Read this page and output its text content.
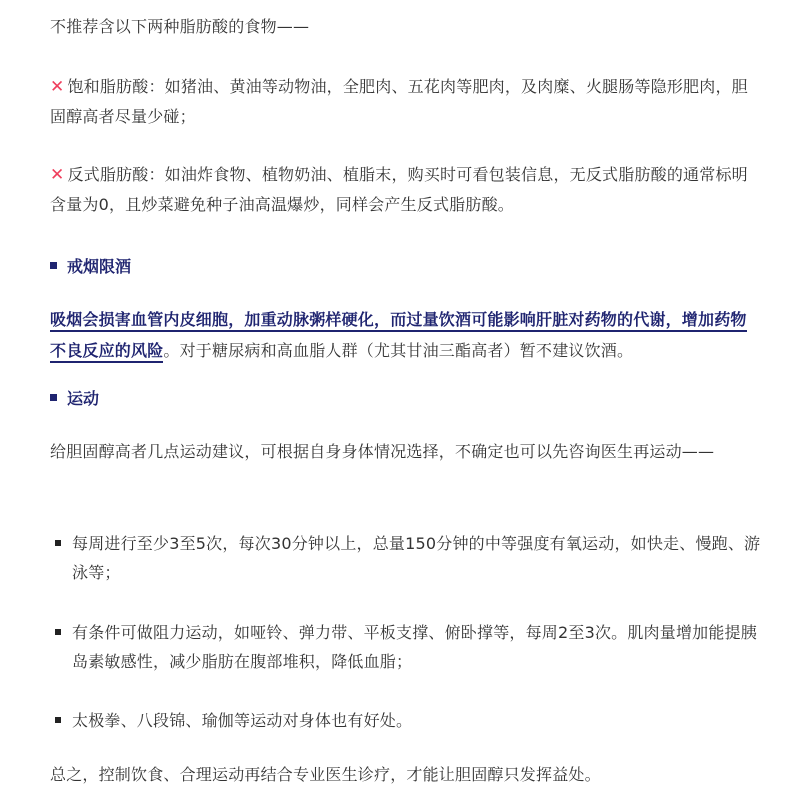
不推荐含以下两种脂肪酸的食物——

✕ 饱和脂肪酸：如猪油、黄油等动物油，全肥肉、五花肉等肥肉，及肉糜、火腿肠等隐形肥肉，胆固醇高者尽量少碰；

✕ 反式脂肪酸：如油炸食物、植物奶油、植脂末，购买时可看包装信息，无反式脂肪酸的通常标明含量为0，且炒菜避免种子油高温爆炒，同样会产生反式脂肪酸。

戒烟限酒

吸烟会损害血管内皮细胞，加重动脉粥样硬化，而过量饮酒可能影响肝脏对药物的代谢，增加药物不良反应的风险。对于糖尿病和高血脂人群（尤其甘油三酯高者）暂不建议饮酒。

运动

给胆固醇高者几点运动建议，可根据自身身体情况选择，不确定也可以先咨询医生再运动——

每周进行至少3至5次，每次30分钟以上，总量150分钟的中等强度有氧运动，如快走、慢跑、游泳等；
有条件可做阻力运动，如哑铃、弹力带、平板支撑、俯卧撑等，每周2至3次。肌肉量增加能提胰岛素敏感性，减少脂肪在腹部堆积，降低血脂；
太极拳、八段锦、瑜伽等运动对身体也有好处。

总之，控制饮食、合理运动再结合专业医生诊疗，才能让胆固醇只发挥益处。
